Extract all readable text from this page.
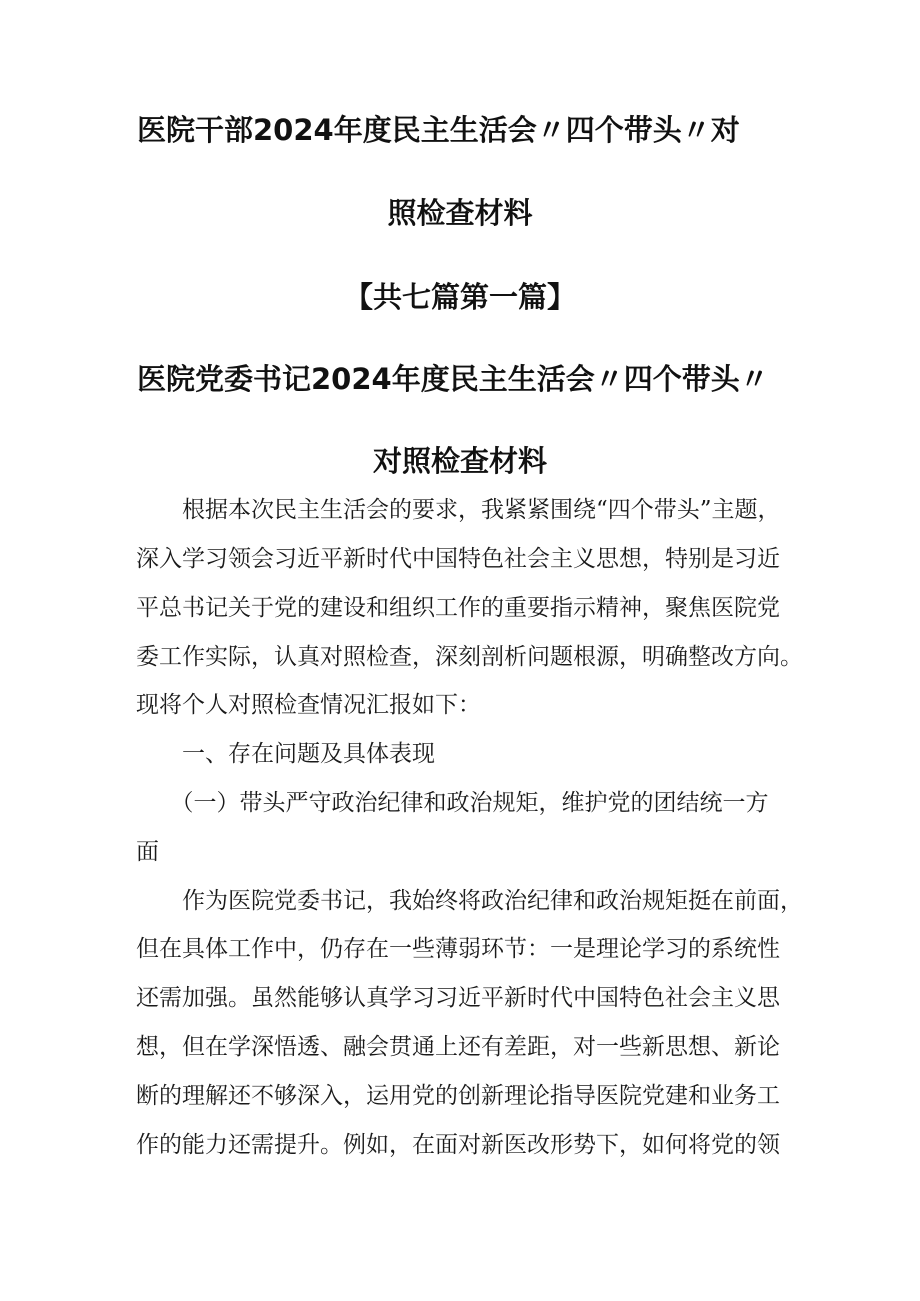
医院干部2024年度民主生活会〃四个带头〃对
照检查材料
【共七篇第一篇】
医院党委书记2024年度民主生活会〃四个带头〃
对照检查材料

　　根据本次民主生活会的要求，我紧紧围绕“四个带头”主题，

深入学习领会习近平新时代中国特色社会主义思想，特别是习近

平总书记关于党的建设和组织工作的重要指示精神，聚焦医院党

委工作实际，认真对照检查，深刻剖析问题根源，明确整改方向。

现将个人对照检查情况汇报如下：

　　一、存在问题及具体表现

　　（一）带头严守政治纪律和政治规矩，维护党的团结统一方

面

　　作为医院党委书记，我始终将政治纪律和政治规矩挺在前面，

但在具体工作中，仍存在一些薄弱环节：一是理论学习的系统性

还需加强。虽然能够认真学习习近平新时代中国特色社会主义思

想，但在学深悟透、融会贯通上还有差距，对一些新思想、新论

断的理解还不够深入，运用党的创新理论指导医院党建和业务工

作的能力还需提升。例如，在面对新医改形势下，如何将党的领
